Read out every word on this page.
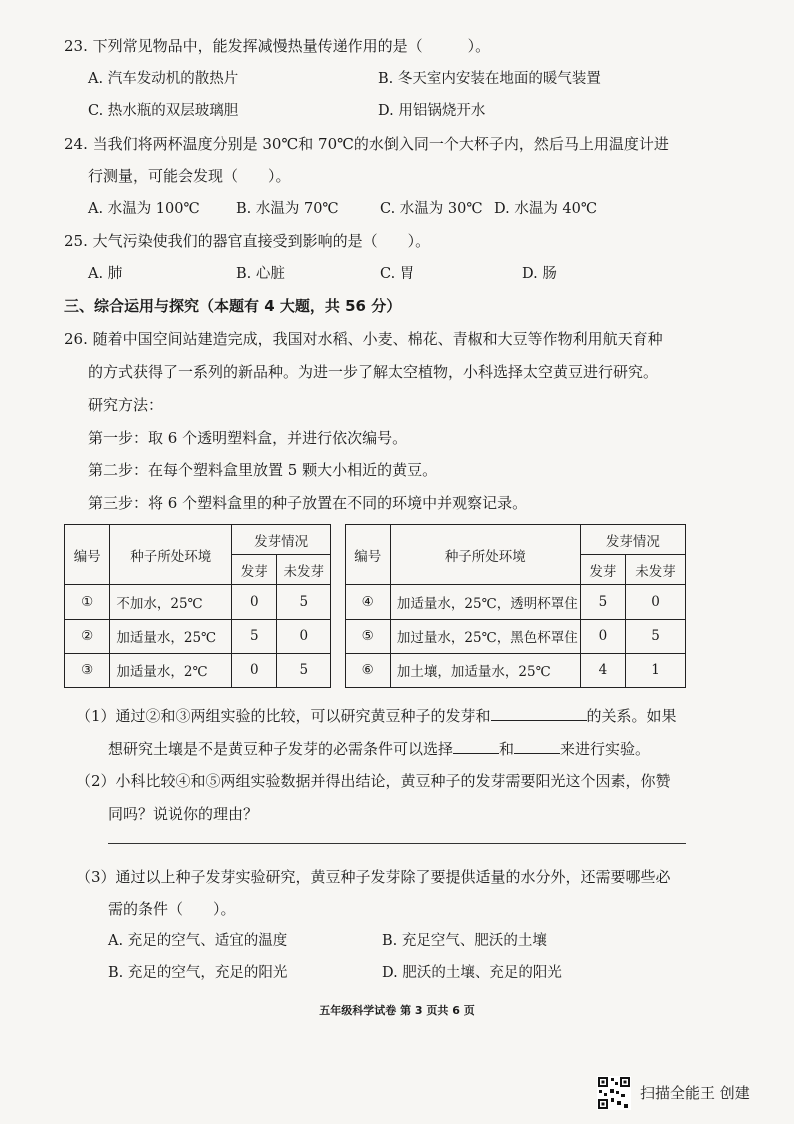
23. 下列常见物品中，能发挥减慢热量传递作用的是（　　　）。
A. 汽车发动机的散热片	B. 冬天室内安装在地面的暖气装置
C. 热水瓶的双层玻璃胆	D. 用铝锅烧开水
24. 当我们将两杯温度分别是 30℃和 70℃的水倒入同一个大杯子内，然后马上用温度计进
行测量，可能会发现（　　）。
A. 水温为 100℃	B. 水温为 70℃	C. 水温为 30℃ D. 水温为 40℃
25. 大气污染使我们的器官直接受到影响的是（　　）。
A. 肺	B. 心脏	C. 胃	D. 肠
三、综合运用与探究（本题有 4 大题，共 56 分）
26. 随着中国空间站建造完成，我国对水稻、小麦、棉花、青椒和大豆等作物利用航天育种
的方式获得了一系列的新品种。为进一步了解太空植物，小科选择太空黄豆进行研究。
研究方法：
第一步：取 6 个透明塑料盒，并进行依次编号。
第二步：在每个塑料盒里放置 5 颗大小相近的黄豆。
第三步：将 6 个塑料盒里的种子放置在不同的环境中并观察记录。
编号	种子所处环境	发芽情况			编号	种子所处环境	发芽情况	
		发芽	未发芽				发芽	未发芽
①	不加水，25℃	0	5		④	加适量水，25℃，透明杯罩住	5	0
②	加适量水，25℃	5	0		⑤	加过量水，25℃，黑色杯罩住	0	5
③	加适量水，2℃	0	5		⑥	加土壤，加适量水，25℃	4	1
（1）通过②和③两组实验的比较，可以研究黄豆种子的发芽和	的关系。如果
想研究土壤是不是黄豆种子发芽的必需条件可以选择	和	来进行实验。
（2）小科比较④和⑤两组实验数据并得出结论，黄豆种子的发芽需要阳光这个因素，你赞
同吗？说说你的理由？
（3）通过以上种子发芽实验研究，黄豆种子发芽除了要提供适量的水分外，还需要哪些必
需的条件（　　）。
A. 充足的空气、适宜的温度	B. 充足空气、肥沃的土壤
B. 充足的空气，充足的阳光	D. 肥沃的土壤、充足的阳光
五年级科学试卷 第 3 页共 6 页
扫描全能王 创建
